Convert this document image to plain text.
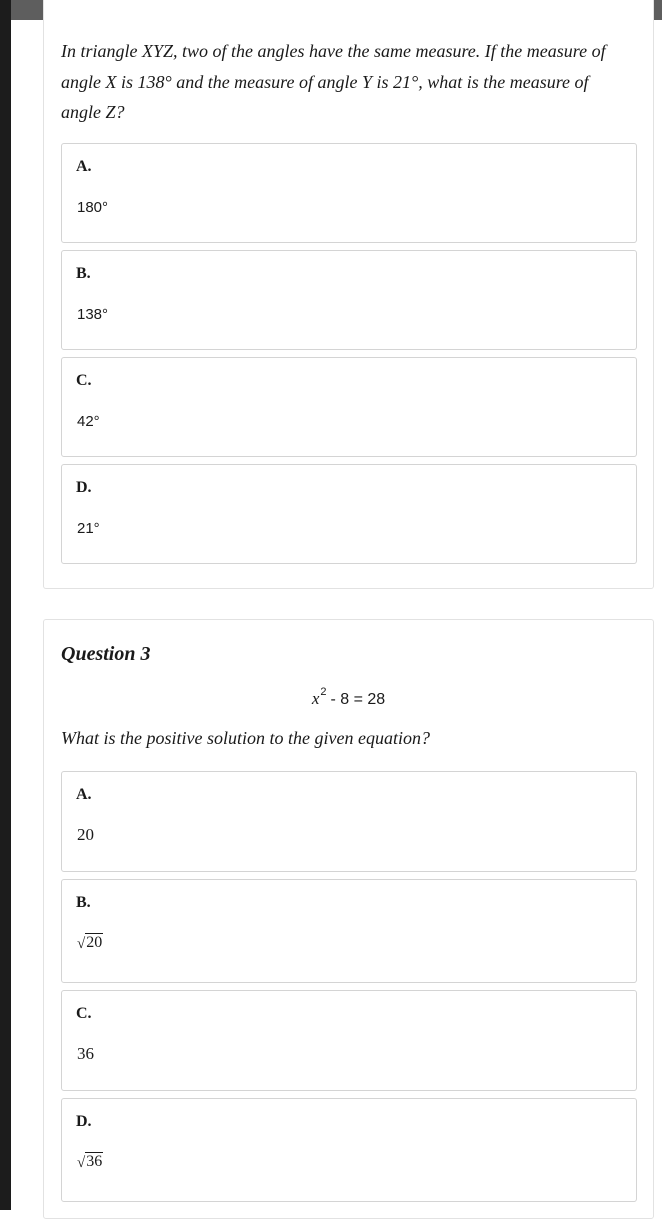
In triangle XYZ, two of the angles have the same measure. If the measure of angle X is 138° and the measure of angle Y is 21°, what is the measure of angle Z?
A.
180°
B.
138°
C.
42°
D.
21°
Question 3
$x^2 - 8 = 28$
What is the positive solution to the given equation?
A.
20
B.
√ 20
C.
36
D.
√ 36
